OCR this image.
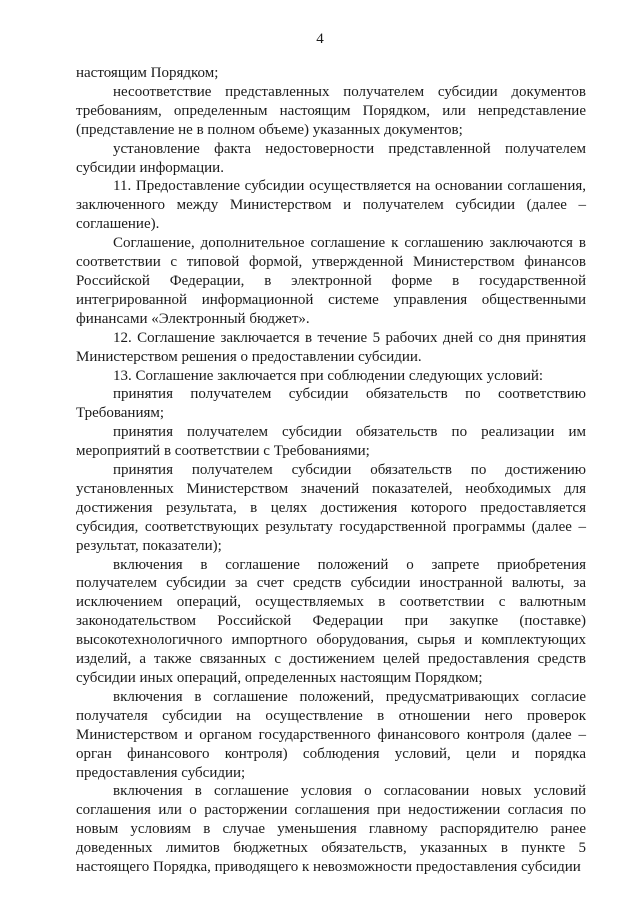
4

настоящим Порядком;

несоответствие представленных получателем субсидии документов требованиям, определенным настоящим Порядком, или непредставление (представление не в полном объеме) указанных документов;

установление факта недостоверности представленной получателем субсидии информации.

11. Предоставление субсидии осуществляется на основании соглашения, заключенного между Министерством и получателем субсидии (далее – соглашение).

Соглашение, дополнительное соглашение к соглашению заключаются в соответствии с типовой формой, утвержденной Министерством финансов Российской Федерации, в электронной форме в государственной интегрированной информационной системе управления общественными финансами «Электронный бюджет».

12. Соглашение заключается в течение 5 рабочих дней со дня принятия Министерством решения о предоставлении субсидии.

13. Соглашение заключается при соблюдении следующих условий:

принятия получателем субсидии обязательств по соответствию Требованиям;

принятия получателем субсидии обязательств по реализации им мероприятий в соответствии с Требованиями;

принятия получателем субсидии обязательств по достижению установленных Министерством значений показателей, необходимых для достижения результата, в целях достижения которого предоставляется субсидия, соответствующих результату государственной программы (далее – результат, показатели);

включения в соглашение положений о запрете приобретения получателем субсидии за счет средств субсидии иностранной валюты, за исключением операций, осуществляемых в соответствии с валютным законодательством Российской Федерации при закупке (поставке) высокотехнологичного импортного оборудования, сырья и комплектующих изделий, а также связанных с достижением целей предоставления средств субсидии иных операций, определенных настоящим Порядком;

включения в соглашение положений, предусматривающих согласие получателя субсидии на осуществление в отношении него проверок Министерством и органом государственного финансового контроля (далее – орган финансового контроля) соблюдения условий, цели и порядка предоставления субсидии;

включения в соглашение условия о согласовании новых условий соглашения или о расторжении соглашения при недостижении согласия по новым условиям в случае уменьшения главному распорядителю ранее доведенных лимитов бюджетных обязательств, указанных в пункте 5 настоящего Порядка, приводящего к невозможности предоставления субсидии
